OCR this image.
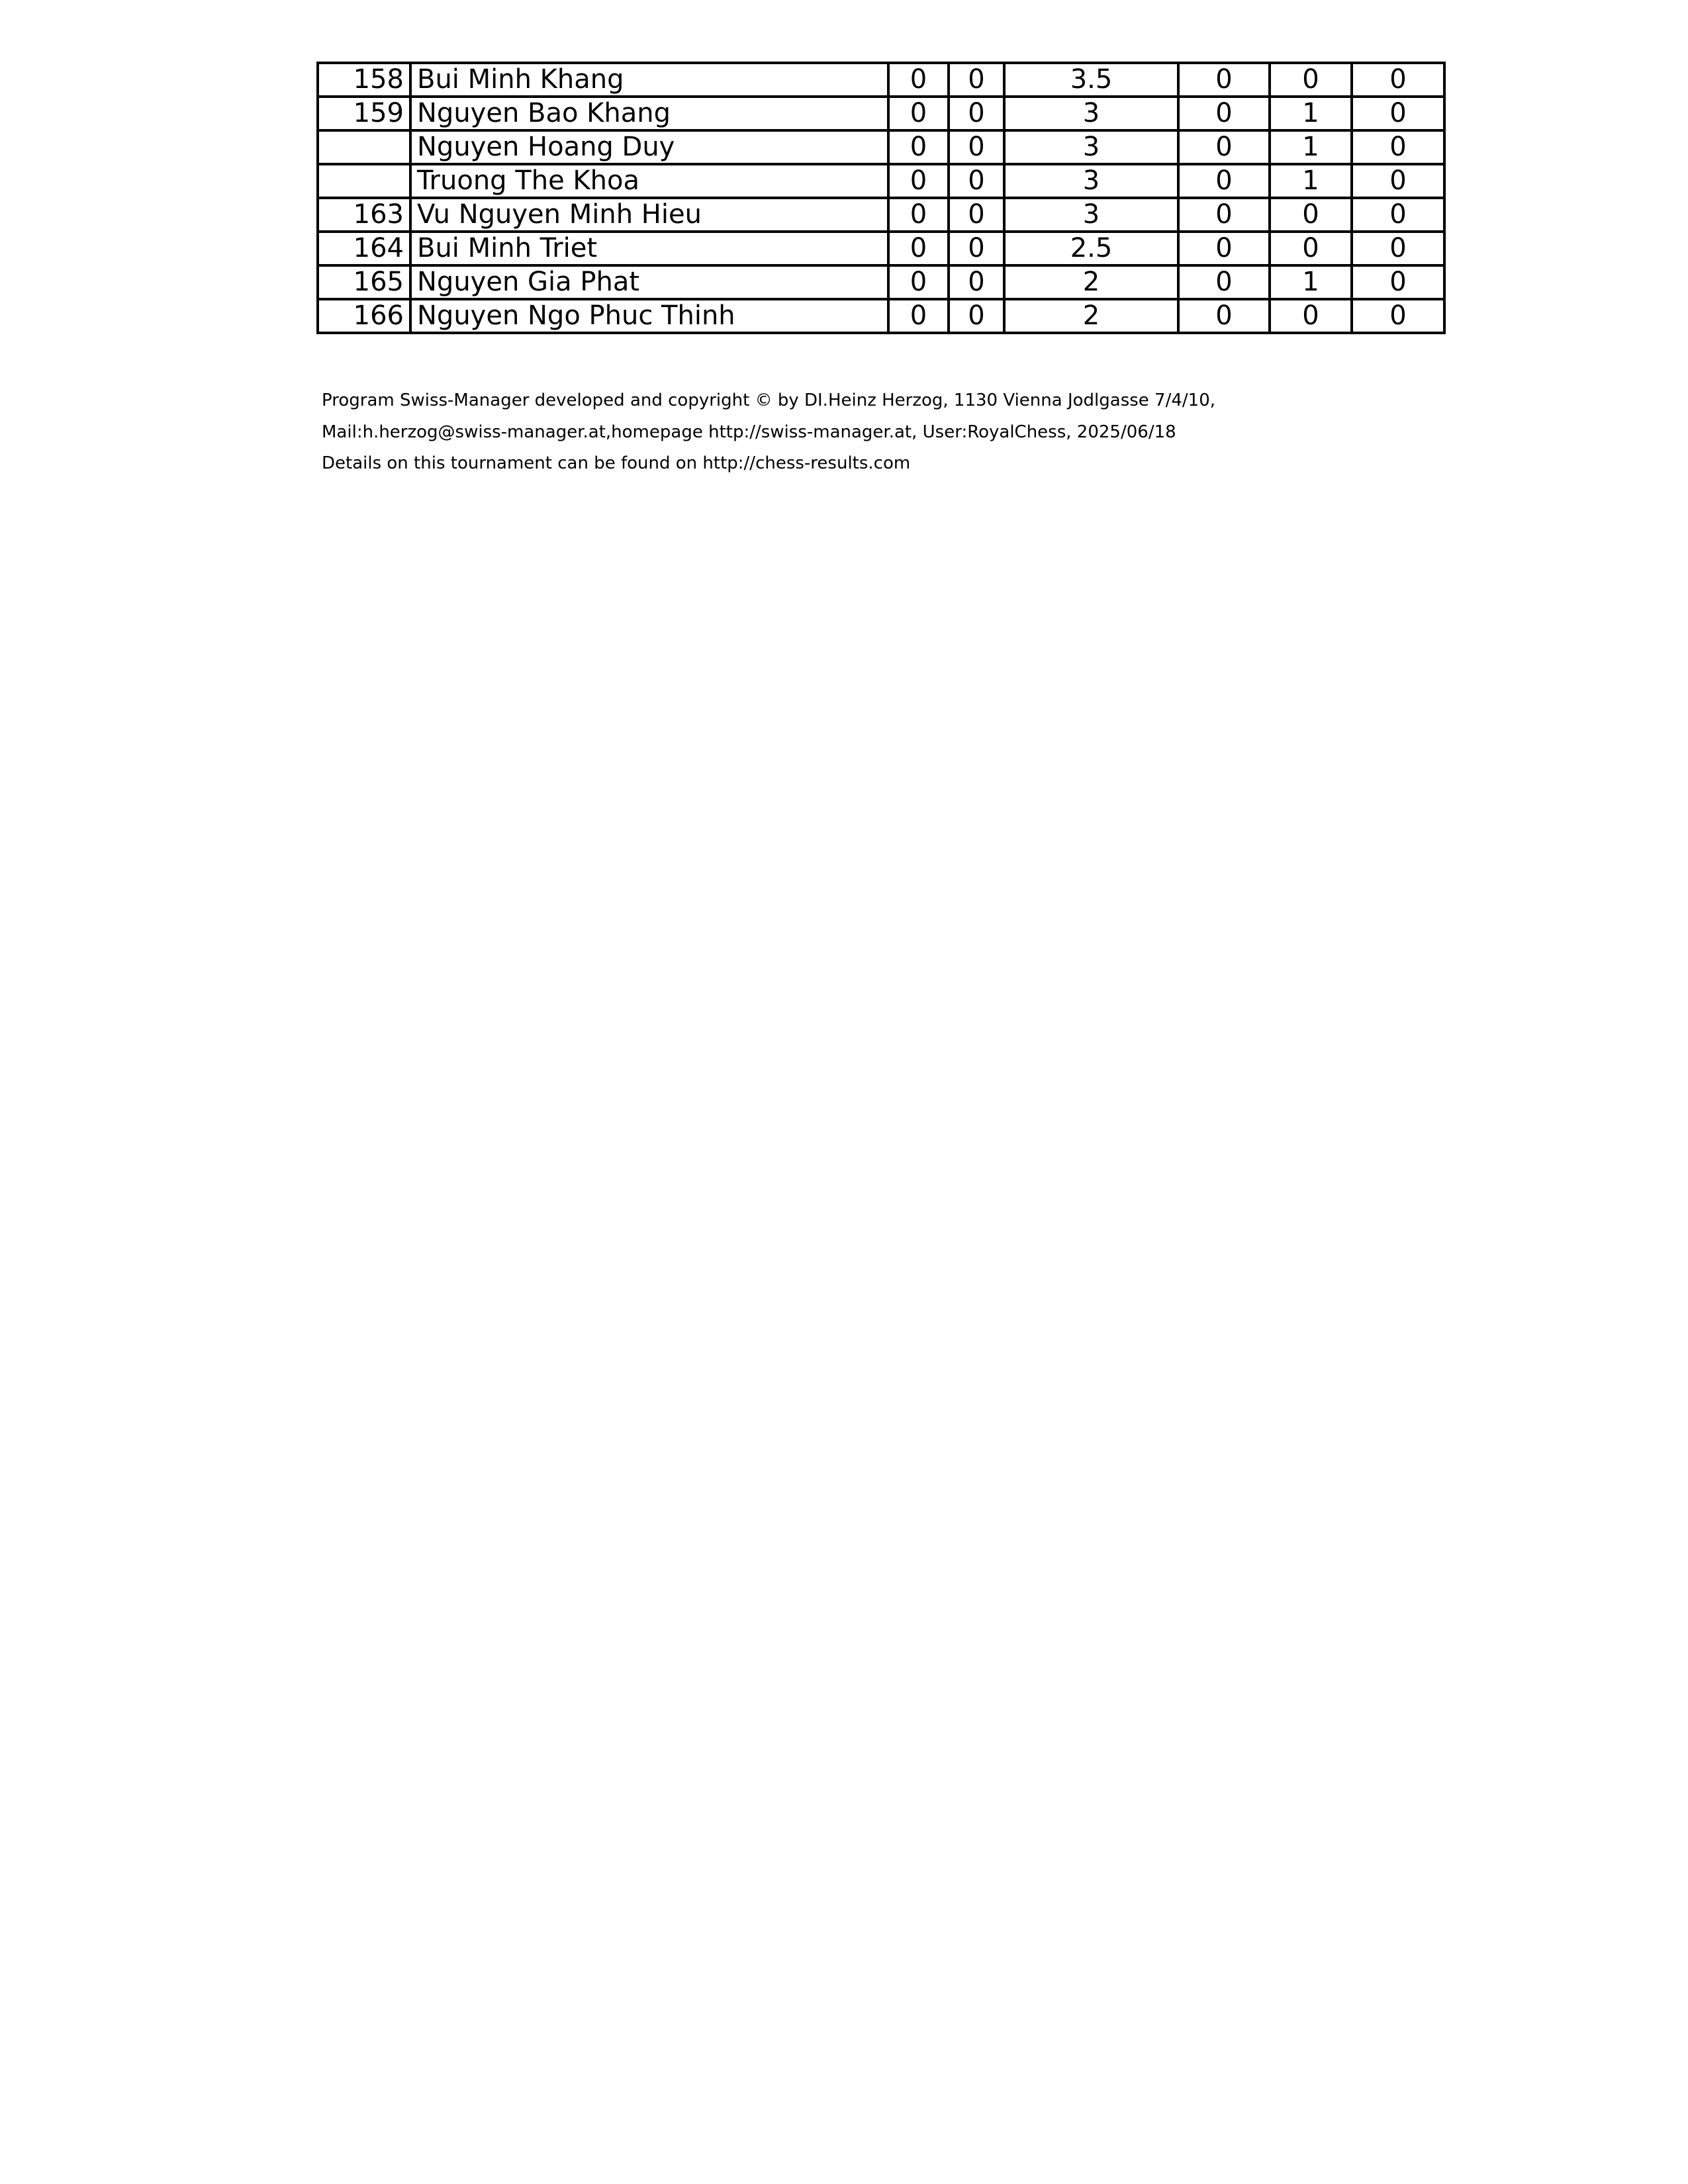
158	Bui Minh Khang	0	0	3.5	0	0	0
159	Nguyen Bao Khang	0	0	3	0	1	0
	Nguyen Hoang Duy	0	0	3	0	1	0
	Truong The Khoa	0	0	3	0	1	0
163	Vu Nguyen Minh Hieu	0	0	3	0	0	0
164	Bui Minh Triet	0	0	2.5	0	0	0
165	Nguyen Gia Phat	0	0	2	0	1	0
166	Nguyen Ngo Phuc Thinh	0	0	2	0	0	0
Program Swiss-Manager developed and copyright © by DI.Heinz Herzog, 1130 Vienna Jodlgasse 7/4/10,
Mail:h.herzog@swiss-manager.at,homepage http://swiss-manager.at, User:RoyalChess, 2025/06/18
Details on this tournament can be found on http://chess-results.com
